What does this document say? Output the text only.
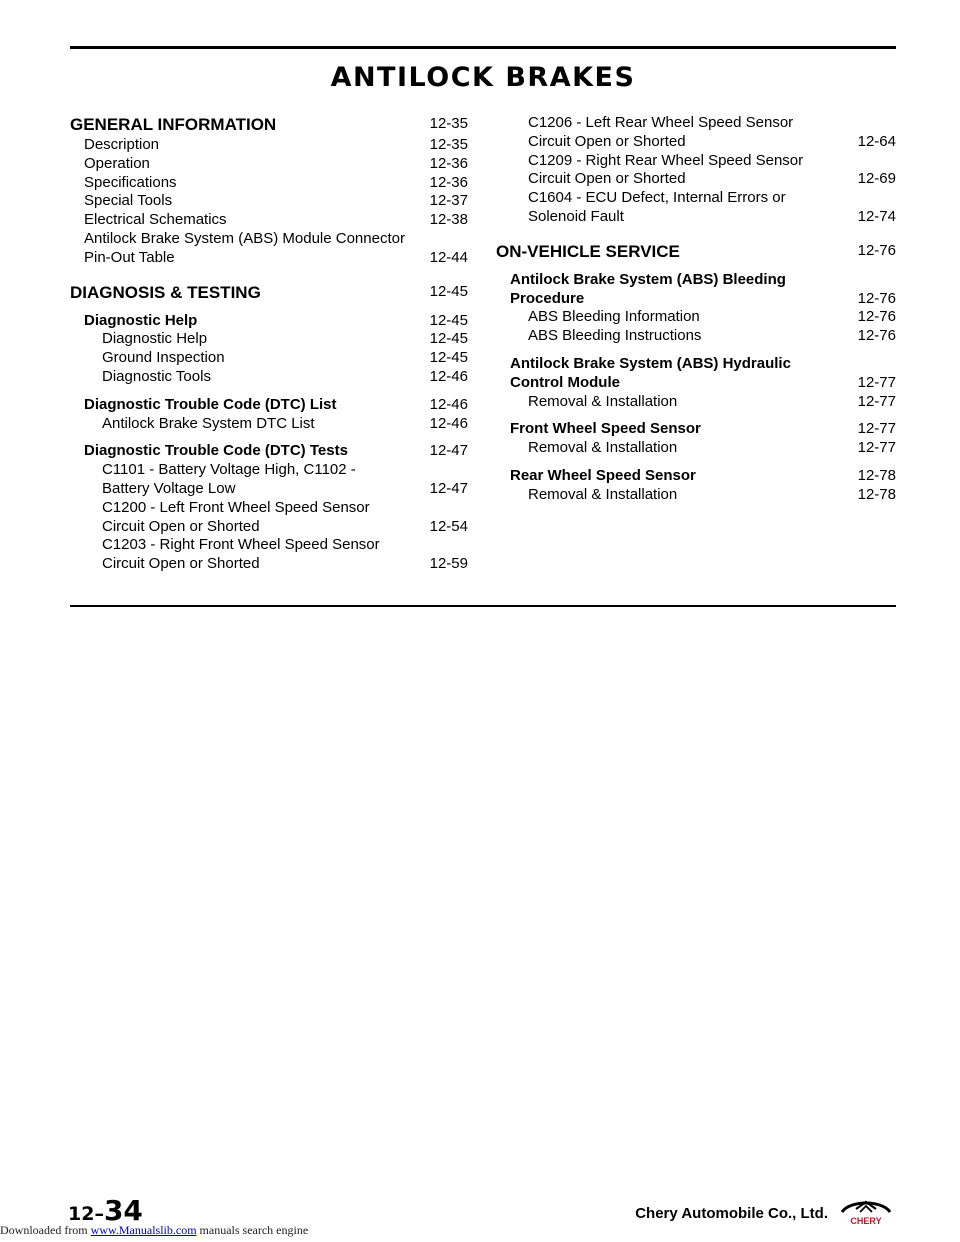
ANTILOCK BRAKES
GENERAL INFORMATION	12-35
Description	12-35
Operation	12-36
Specifications	12-36
Special Tools	12-37
Electrical Schematics	12-38
Antilock Brake System (ABS) Module Connector Pin-Out Table	12-44
DIAGNOSIS & TESTING	12-45
Diagnostic Help	12-45
Diagnostic Help	12-45
Ground Inspection	12-45
Diagnostic Tools	12-46
Diagnostic Trouble Code (DTC) List	12-46
Antilock Brake System DTC List	12-46
Diagnostic Trouble Code (DTC) Tests	12-47
C1101 - Battery Voltage High, C1102 - Battery Voltage Low	12-47
C1200 - Left Front Wheel Speed Sensor Circuit Open or Shorted	12-54
C1203 - Right Front Wheel Speed Sensor Circuit Open or Shorted	12-59
C1206 - Left Rear Wheel Speed Sensor Circuit Open or Shorted	12-64
C1209 - Right Rear Wheel Speed Sensor Circuit Open or Shorted	12-69
C1604 - ECU Defect, Internal Errors or Solenoid Fault	12-74
ON-VEHICLE SERVICE	12-76
Antilock Brake System (ABS) Bleeding Procedure	12-76
ABS Bleeding Information	12-76
ABS Bleeding Instructions	12-76
Antilock Brake System (ABS) Hydraulic Control Module	12-77
Removal & Installation	12-77
Front Wheel Speed Sensor	12-77
Removal & Installation	12-77
Rear Wheel Speed Sensor	12-78
Removal & Installation	12-78
12–34	Chery Automobile Co., Ltd. CHERY
Downloaded from www.Manualslib.com manuals search engine
